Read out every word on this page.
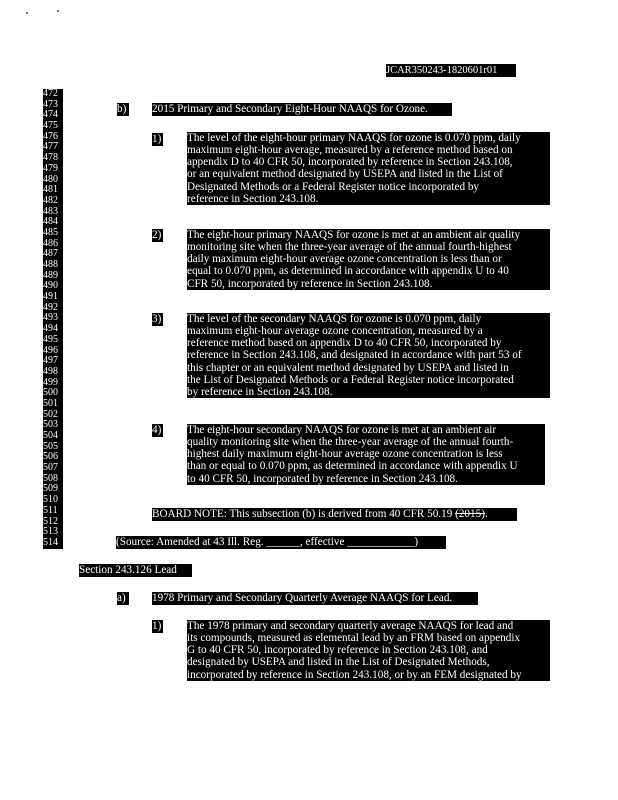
JCAR350243-1820601r01
472
473
474
475
476
477
478
479
480
481
482
483
484
485
486
487
488
489
490
491
492
493
494
495
496
497
498
499
500
501
502
503
504
505
506
507
508
509
510
511
512
513
514
b) 2015 Primary and Secondary Eight-Hour NAAQS for Ozone.
1) The level of the eight-hour primary NAAQS for ozone is 0.070 ppm, daily
maximum eight-hour average, measured by a reference method based on
appendix D to 40 CFR 50, incorporated by reference in Section 243.108,
or an equivalent method designated by USEPA and listed in the List of
Designated Methods or a Federal Register notice incorporated by
reference in Section 243.108.
2) The eight-hour primary NAAQS for ozone is met at an ambient air quality
monitoring site when the three-year average of the annual fourth-highest
daily maximum eight-hour average ozone concentration is less than or
equal to 0.070 ppm, as determined in accordance with appendix U to 40
CFR 50, incorporated by reference in Section 243.108.
3) The level of the secondary NAAQS for ozone is 0.070 ppm, daily
maximum eight-hour average ozone concentration, measured by a
reference method based on appendix D to 40 CFR 50, incorporated by
reference in Section 243.108, and designated in accordance with part 53 of
this chapter or an equivalent method designated by USEPA and listed in
the List of Designated Methods or a Federal Register notice incorporated
by reference in Section 243.108.
4) The eight-hour secondary NAAQS for ozone is met at an ambient air
quality monitoring site when the three-year average of the annual fourth-
highest daily maximum eight-hour average ozone concentration is less
than or equal to 0.070 ppm, as determined in accordance with appendix U
to 40 CFR 50, incorporated by reference in Section 243.108.
BOARD NOTE: This subsection (b) is derived from 40 CFR 50.19 (2015).
(Source: Amended at 43 Ill. Reg. ______, effective ____________)
Section 243.126 Lead
a) 1978 Primary and Secondary Quarterly Average NAAQS for Lead.
1) The 1978 primary and secondary quarterly average NAAQS for lead and
its compounds, measured as elemental lead by an FRM based on appendix
G to 40 CFR 50, incorporated by reference in Section 243.108, and
designated by USEPA and listed in the List of Designated Methods,
incorporated by reference in Section 243.108, or by an FEM designated by
